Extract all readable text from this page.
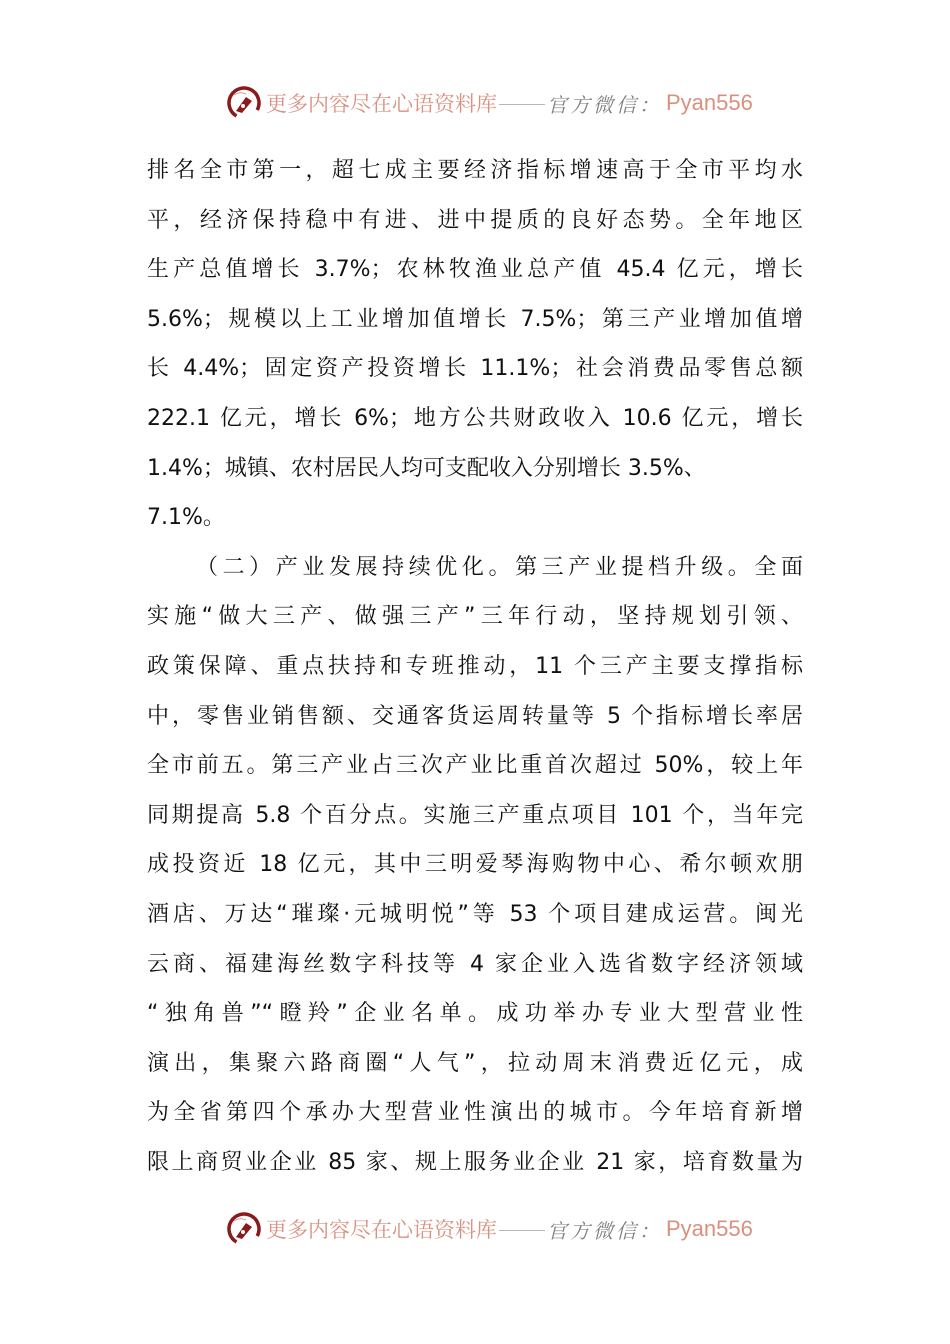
更多内容尽在心语资料库	官方微信： Pyan556
排名全市第一，超七成主要经济指标增速高于全市平均水
平，经济保持稳中有进、进中提质的良好态势。全年地区
生产总值增长 3.7%；农林牧渔业总产值 45.4 亿元，增长
5.6%；规模以上工业增加值增长 7.5%；第三产业增加值增
长 4.4%；固定资产投资增长 11.1%；社会消费品零售总额
222.1 亿元，增长 6%；地方公共财政收入 10.6 亿元，增长
1.4%；城镇、农村居民人均可支配收入分别增长 3.5%、
7.1%。
（二）产业发展持续优化。第三产业提档升级。全面
实施“做大三产、做强三产”三年行动，坚持规划引领、
政策保障、重点扶持和专班推动，11 个三产主要支撑指标
中，零售业销售额、交通客货运周转量等 5 个指标增长率居
全市前五。第三产业占三次产业比重首次超过 50%，较上年
同期提高 5.8 个百分点。实施三产重点项目 101 个，当年完
成投资近 18 亿元，其中三明爱琴海购物中心、希尔顿欢朋
酒店、万达“璀璨·元城明悦”等 53 个项目建成运营。闽光
云商、福建海丝数字科技等 4 家企业入选省数字经济领域
“独角兽”“瞪羚”企业名单。成功举办专业大型营业性
演出，集聚六路商圈“人气”，拉动周末消费近亿元，成
为全省第四个承办大型营业性演出的城市。今年培育新增
限上商贸业企业 85 家、规上服务业企业 21 家，培育数量为
更多内容尽在心语资料库	官方微信： Pyan556
